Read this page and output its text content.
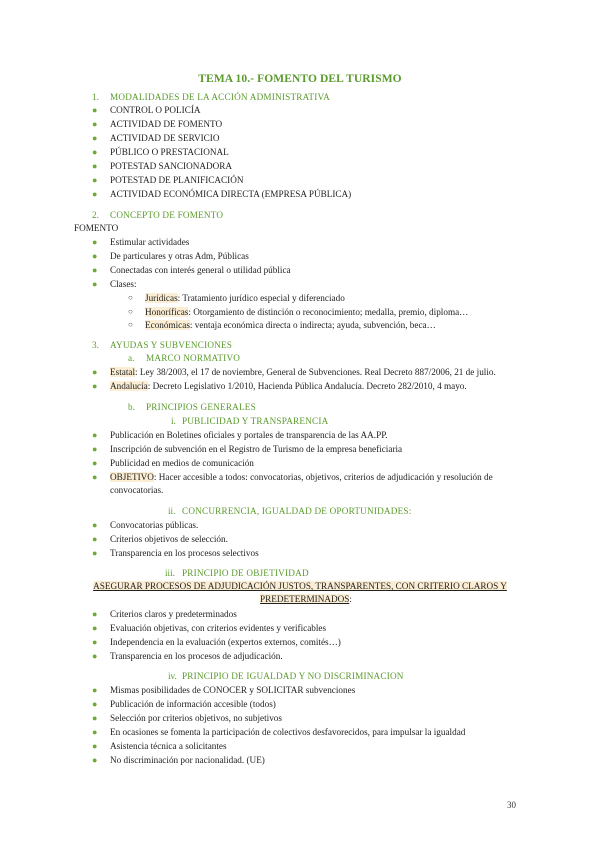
TEMA 10.- FOMENTO DEL TURISMO
1. MODALIDADES DE LA ACCIÓN ADMINISTRATIVA
● CONTROL O POLICÍA
● ACTIVIDAD DE FOMENTO
● ACTIVIDAD DE SERVICIO
● PÚBLICO O PRESTACIONAL
● POTESTAD SANCIONADORA
● POTESTAD DE PLANIFICACIÓN
● ACTIVIDAD ECONÓMICA DIRECTA (EMPRESA PÚBLICA)
2. CONCEPTO DE FOMENTO
FOMENTO
● Estimular actividades
● De particulares y otras Adm, Públicas
● Conectadas con interés general o utilidad pública
● Clases:
○ Jurídicas: Tratamiento jurídico especial y diferenciado
○ Honoríficas: Otorgamiento de distinción o reconocimiento; medalla, premio, diploma…
○ Económicas: ventaja económica directa o indirecta; ayuda, subvención, beca…
3. AYUDAS Y SUBVENCIONES
a. MARCO NORMATIVO
● Estatal: Ley 38/2003, el 17 de noviembre, General de Subvenciones. Real Decreto 887/2006, 21 de julio.
● Andalucía: Decreto Legislativo 1/2010, Hacienda Pública Andalucía. Decreto 282/2010, 4 mayo.
b. PRINCIPIOS GENERALES
i. PUBLICIDAD Y TRANSPARENCIA
● Publicación en Boletines oficiales y portales de transparencia de las AA.PP.
● Inscripción de subvención en el Registro de Turismo de la empresa beneficiaria
● Publicidad en medios de comunicación
● OBJETIVO: Hacer accesible a todos: convocatorias, objetivos, criterios de adjudicación y resolución de
convocatorias.
ii. CONCURRENCIA, IGUALDAD DE OPORTUNIDADES:
● Convocatorias públicas.
● Criterios objetivos de selección.
● Transparencia en los procesos selectivos
iii. PRINCIPIO DE OBJETIVIDAD
ASEGURAR PROCESOS DE ADJUDICACIÓN JUSTOS, TRANSPARENTES, CON CRITERIO CLAROS Y
PREDETERMINADOS:
● Criterios claros y predeterminados
● Evaluación objetivas, con criterios evidentes y verificables
● Independencia en la evaluación (expertos externos, comités…)
● Transparencia en los procesos de adjudicación.
iv. PRINCIPIO DE IGUALDAD Y NO DISCRIMINACION
● Mismas posibilidades de CONOCER y SOLICITAR subvenciones
● Publicación de información accesible (todos)
● Selección por criterios objetivos, no subjetivos
● En ocasiones se fomenta la participación de colectivos desfavorecidos, para impulsar la igualdad
● Asistencia técnica a solicitantes
● No discriminación por nacionalidad. (UE)
30
